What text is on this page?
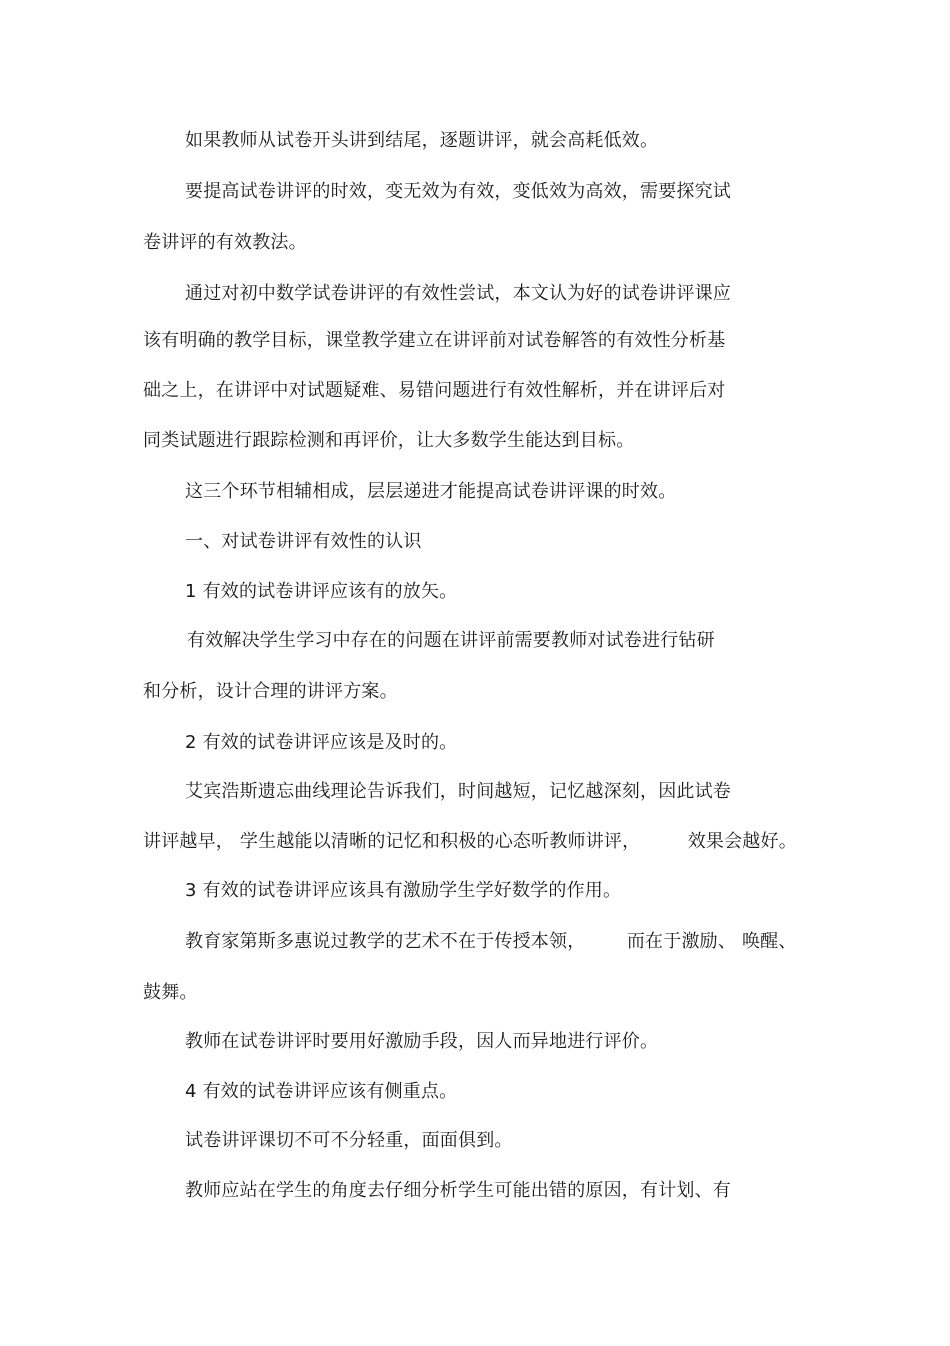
如果教师从试卷开头讲到结尾，逐题讲评，就会高耗低效。
要提高试卷讲评的时效，变无效为有效，变低效为高效，需要探究试
卷讲评的有效教法。
通过对初中数学试卷讲评的有效性尝试，本文认为好的试卷讲评课应
该有明确的教学目标，课堂教学建立在讲评前对试卷解答的有效性分析基
础之上，在讲评中对试题疑难、易错问题进行有效性解析，并在讲评后对
同类试题进行跟踪检测和再评价，让大多数学生能达到目标。
这三个环节相辅相成，层层递进才能提高试卷讲评课的时效。
一、对试卷讲评有效性的认识
1 有效的试卷讲评应该有的放矢。
有效解决学生学习中存在的问题在讲评前需要教师对试卷进行钻研
和分析，设计合理的讲评方案。
2 有效的试卷讲评应该是及时的。
艾宾浩斯遗忘曲线理论告诉我们，时间越短，记忆越深刻，因此试卷
讲评越早， 学生越能以清晰的记忆和积极的心态听教师讲评，        效果会越好。
3 有效的试卷讲评应该具有激励学生学好数学的作用。
教育家第斯多惠说过教学的艺术不在于传授本领，       而在于激励、 唤醒、
鼓舞。
教师在试卷讲评时要用好激励手段，因人而异地进行评价。
4 有效的试卷讲评应该有侧重点。
试卷讲评课切不可不分轻重，面面俱到。
教师应站在学生的角度去仔细分析学生可能出错的原因，有计划、有
